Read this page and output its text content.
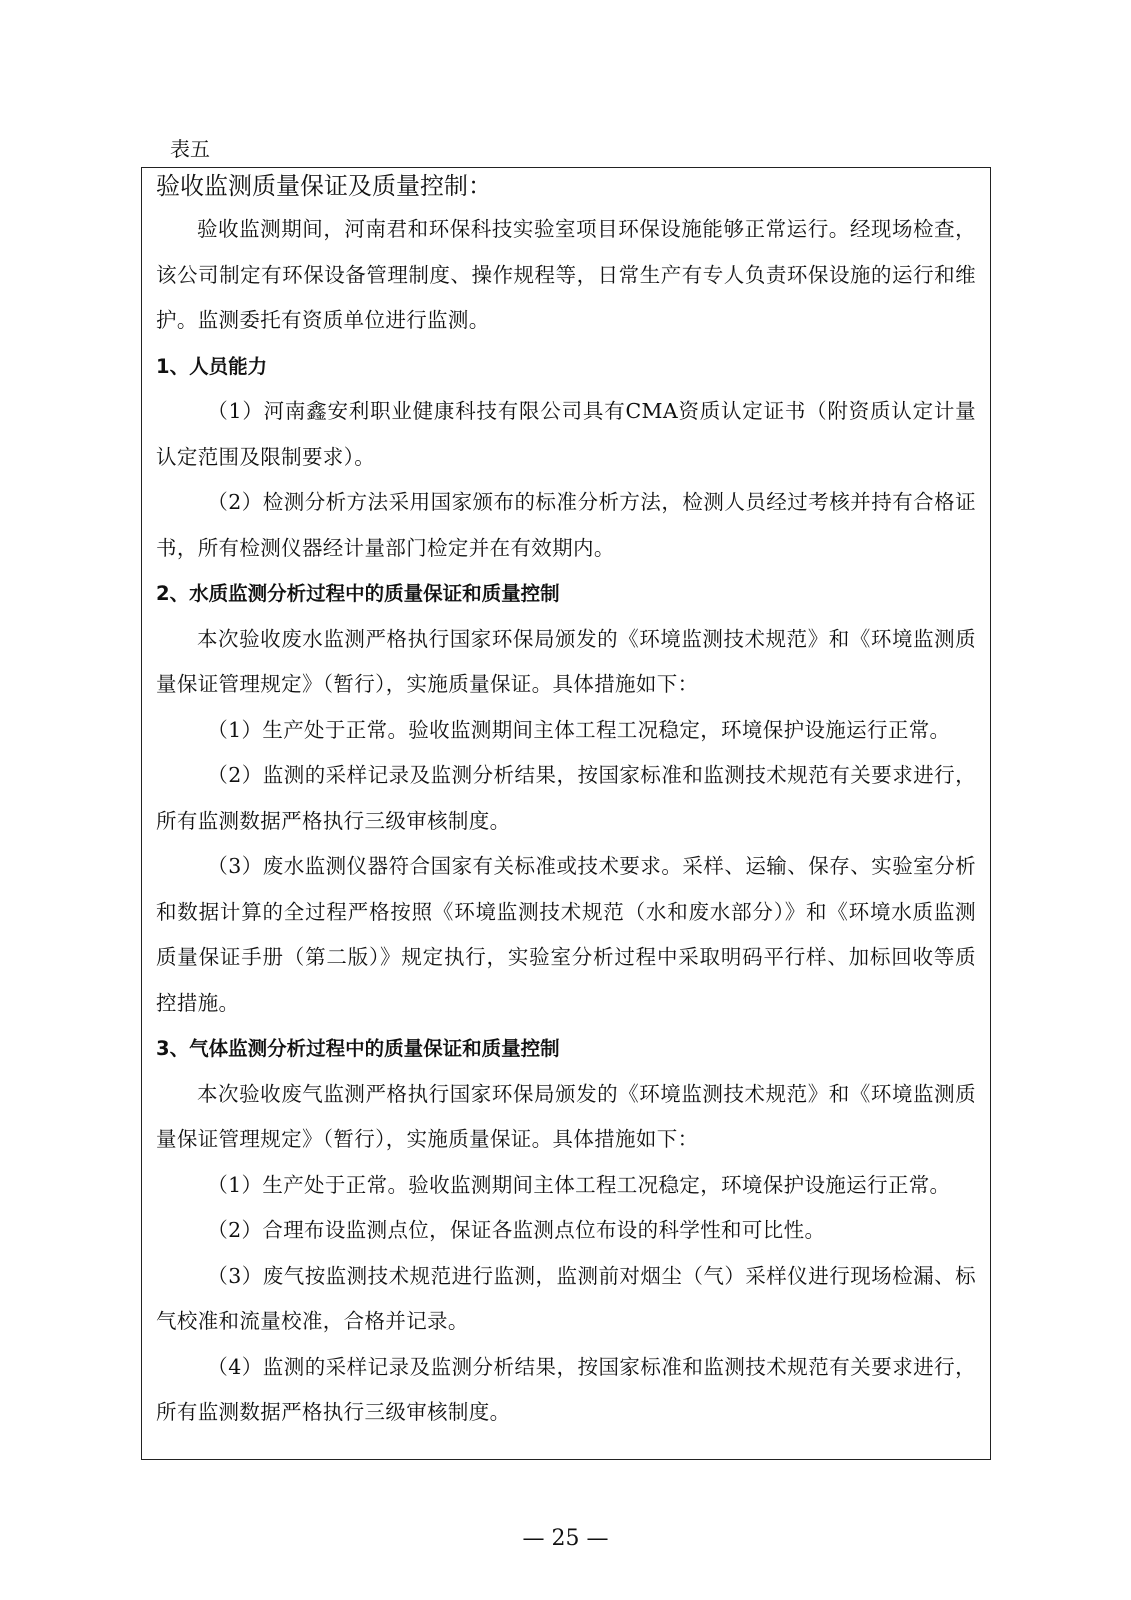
表五
验收监测质量保证及质量控制：

验收监测期间，河南君和环保科技实验室项目环保设施能够正常运行。经现场检查，该公司制定有环保设备管理制度、操作规程等，日常生产有专人负责环保设施的运行和维护。监测委托有资质单位进行监测。

1、人员能力

（1）河南鑫安利职业健康科技有限公司具有CMA资质认定证书（附资质认定计量认定范围及限制要求）。

（2）检测分析方法采用国家颁布的标准分析方法，检测人员经过考核并持有合格证书，所有检测仪器经计量部门检定并在有效期内。

2、水质监测分析过程中的质量保证和质量控制

本次验收废水监测严格执行国家环保局颁发的《环境监测技术规范》和《环境监测质量保证管理规定》（暂行），实施质量保证。具体措施如下：

（1）生产处于正常。验收监测期间主体工程工况稳定，环境保护设施运行正常。

（2）监测的采样记录及监测分析结果，按国家标准和监测技术规范有关要求进行，所有监测数据严格执行三级审核制度。

（3）废水监测仪器符合国家有关标准或技术要求。采样、运输、保存、实验室分析和数据计算的全过程严格按照《环境监测技术规范（水和废水部分）》和《环境水质监测质量保证手册（第二版）》规定执行，实验室分析过程中采取明码平行样、加标回收等质控措施。

3、气体监测分析过程中的质量保证和质量控制

本次验收废气监测严格执行国家环保局颁发的《环境监测技术规范》和《环境监测质量保证管理规定》（暂行），实施质量保证。具体措施如下：

（1）生产处于正常。验收监测期间主体工程工况稳定，环境保护设施运行正常。

（2）合理布设监测点位，保证各监测点位布设的科学性和可比性。

（3）废气按监测技术规范进行监测，监测前对烟尘（气）采样仪进行现场检漏、标气校准和流量校准，合格并记录。

（4）监测的采样记录及监测分析结果，按国家标准和监测技术规范有关要求进行，所有监测数据严格执行三级审核制度。

— 25 —
